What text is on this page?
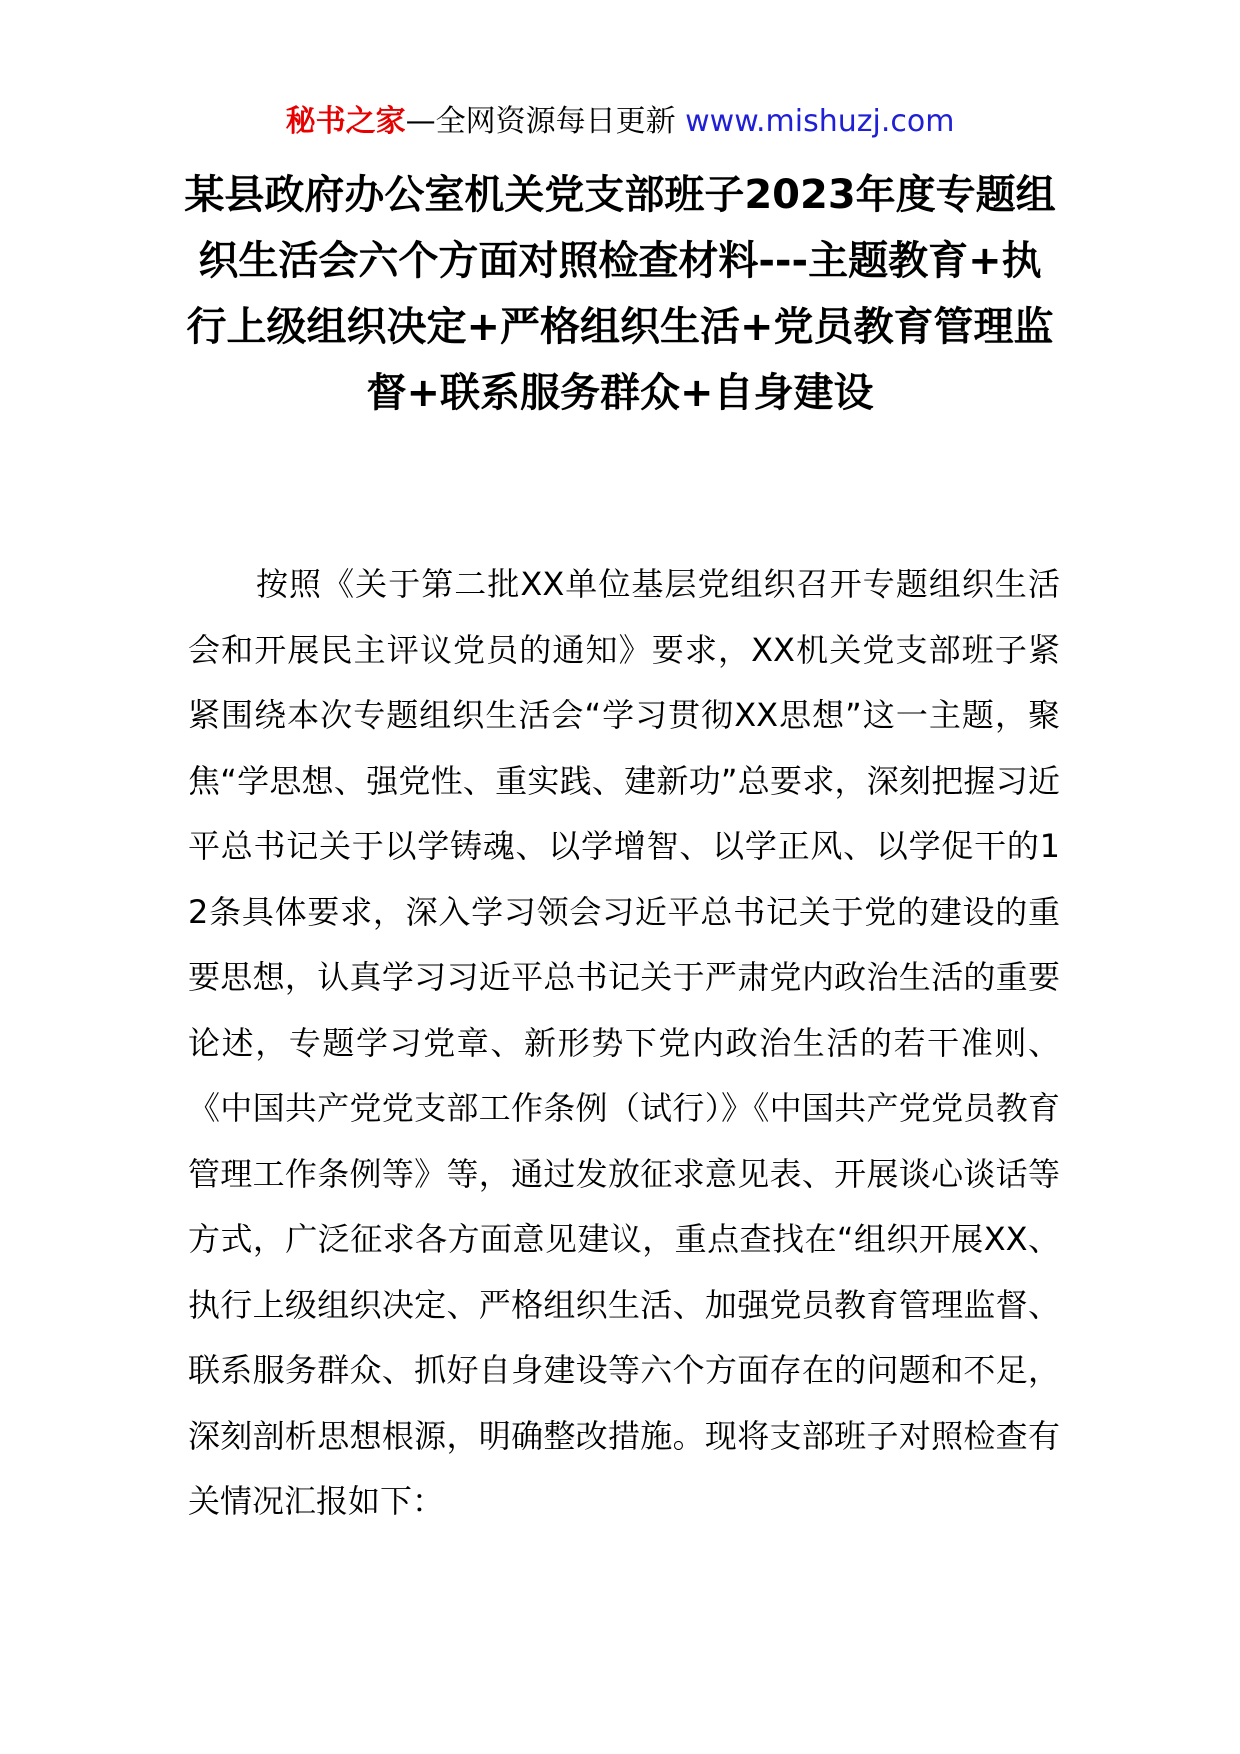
秘书之家—全网资源每日更新 www.mishuzj.com
某县政府办公室机关党支部班子2023年度专题组织生活会六个方面对照检查材料---主题教育+执行上级组织决定+严格组织生活+党员教育管理监督+联系服务群众+自身建设

按照《关于第二批XX单位基层党组织召开专题组织生活会和开展民主评议党员的通知》要求，XX机关党支部班子紧紧围绕本次专题组织生活会“学习贯彻XX思想”这一主题，聚焦“学思想、强党性、重实践、建新功”总要求，深刻把握习近平总书记关于以学铸魂、以学增智、以学正风、以学促干的12条具体要求，深入学习领会习近平总书记关于党的建设的重要思想，认真学习习近平总书记关于严肃党内政治生活的重要论述，专题学习党章、新形势下党内政治生活的若干准则、《中国共产党党支部工作条例（试行）》《中国共产党党员教育管理工作条例等》等，通过发放征求意见表、开展谈心谈话等方式，广泛征求各方面意见建议，重点查找在“组织开展XX、执行上级组织决定、严格组织生活、加强党员教育管理监督、联系服务群众、抓好自身建设等六个方面存在的问题和不足，深刻剖析思想根源，明确整改措施。现将支部班子对照检查有关情况汇报如下：
